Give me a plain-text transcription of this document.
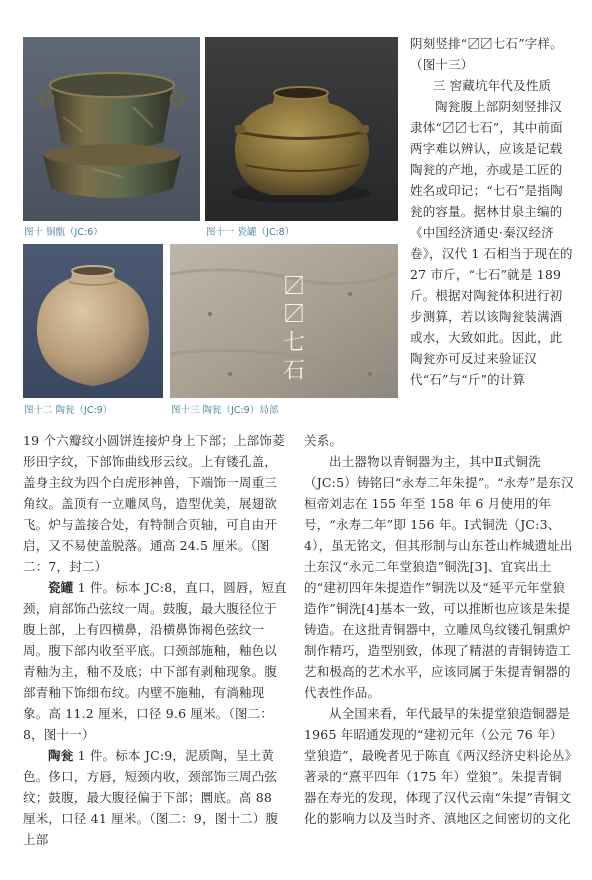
图十 铜甑（JC:6）	图十一 瓷罐（JC:8）
图十二 陶瓮（JC:9）
〼〼七石
图十三 陶瓮（JC:9）局部

阴刻竖排“〼〼七石”字样。（图十三）

三 窖藏坑年代及性质

陶瓮腹上部阴刻竖排汉隶体“〼〼七石”，其中前面两字难以辨认，应该是记载陶瓮的产地，亦或是工匠的姓名或印记；“七石”是指陶瓮的容量。据林甘泉主编的《中国经济通史·秦汉经济卷》，汉代 1 石相当于现在的 27 市斤，“七石”就是 189 斤。根据对陶瓮体积进行初步测算，若以该陶瓮装满酒或水，大致如此。因此，此陶瓮亦可反过来验证汉代“石”与“斤”的计算

19 个六瓣纹小圆饼连接炉身上下部；上部饰菱形田字纹，下部饰曲线形云纹。上有镂孔盖，盖身主纹为四个白虎形神兽，下端饰一周重三角纹。盖顶有一立雕凤鸟，造型优美，展翅欲飞。炉与盖接合处，有特制合页轴，可自由开启，又不易使盖脱落。通高 24.5 厘米。（图二：7，封二）

瓷罐 1 件。标本 JC:8，直口，圆唇，短直颈，肩部饰凸弦纹一周。鼓腹，最大腹径位于腹上部，上有四横鼻，沿横鼻饰褐色弦纹一周。腹下部内收至平底。口颈部施釉，釉色以青釉为主，釉不及底；中下部有剥釉现象。腹部青釉下饰细布纹。内壁不施釉，有淌釉现象。高 11.2 厘米，口径 9.6 厘米。（图二：8，图十一）

陶瓮 1 件。标本 JC:9，泥质陶，呈土黄色。侈口，方唇，短颈内收，颈部饰三周凸弦纹；鼓腹，最大腹径偏于下部；圜底。高 88 厘米，口径 41 厘米。（图二：9，图十二）腹上部

关系。

出土器物以青铜器为主，其中Ⅱ式铜洗（JC:5）铸铭曰“永寿二年朱提”。“永寿”是东汉桓帝刘志在 155 年至 158 年 6 月使用的年号，“永寿二年”即 156 年。Ⅰ式铜洗（JC:3、4），虽无铭文，但其形制与山东苍山柞城遗址出土东汉“永元二年堂狼造”铜洗[3]、宜宾出土的“建初四年朱提造作”铜洗以及“延平元年堂狼造作”铜洗[4]基本一致，可以推断也应该是朱提铸造。在这批青铜器中，立雕凤鸟纹镂孔铜熏炉制作精巧，造型别致，体现了精湛的青铜铸造工艺和极高的艺术水平，应该同属于朱提青铜器的代表性作品。

从全国来看，年代最早的朱提堂狼造铜器是 1965 年昭通发现的“建初元年（公元 76 年）堂狼造”，最晚者见于陈直《两汉经济史料论丛》著录的“熹平四年（175 年）堂狼”。朱提青铜器在寿光的发现，体现了汉代云南“朱提”青铜文化的影响力以及当时齐、滇地区之间密切的文化
